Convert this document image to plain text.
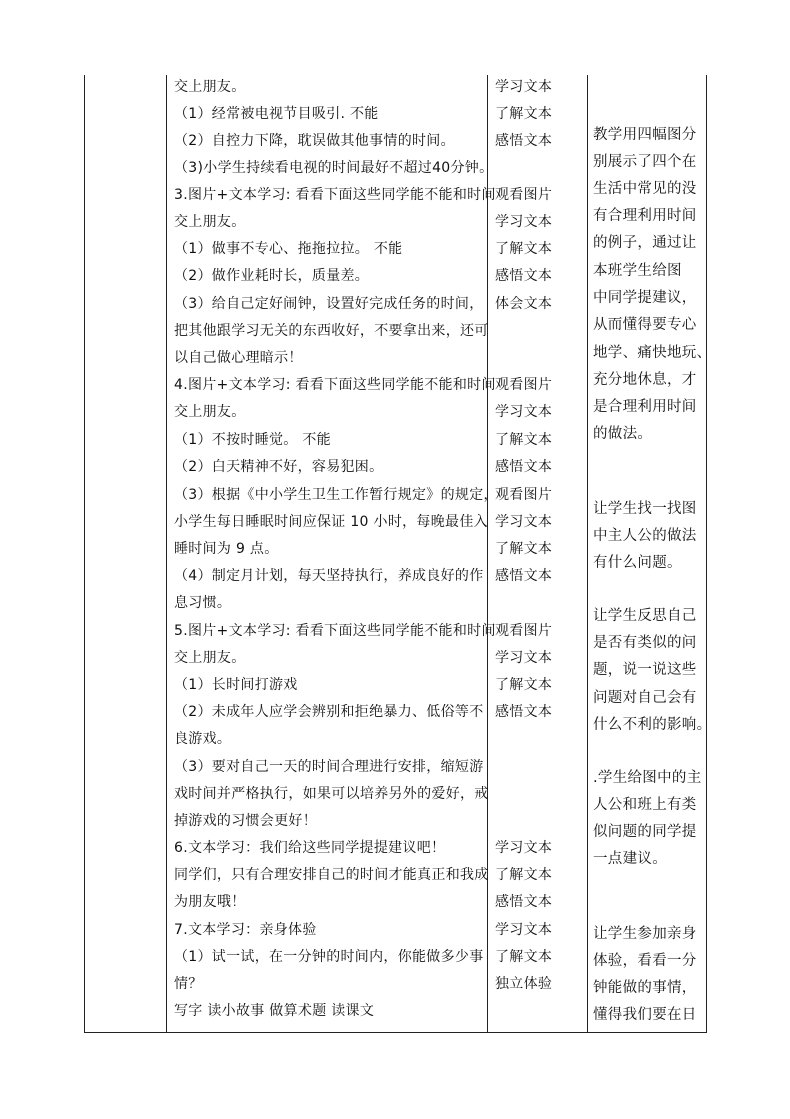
交上朋友。
（1）经常被电视节目吸引. 不能
（2）自控力下降，耽误做其他事情的时间。
（3)小学生持续看电视的时间最好不超过40分钟。
3.图片+文本学习: 看看下面这些同学能不能和时间
交上朋友。
（1）做事不专心、拖拖拉拉。 不能
（2）做作业耗时长，质量差。
（3）给自己定好闹钟，设置好完成任务的时间，
把其他跟学习无关的东西收好，不要拿出来，还可
以自己做心理暗示！
4.图片+文本学习: 看看下面这些同学能不能和时间
交上朋友。
（1）不按时睡觉。 不能
（2）白天精神不好，容易犯困。
（3）根据《中小学生卫生工作暂行规定》的规定，
小学生每日睡眠时间应保证 10 小时，每晚最佳入
睡时间为 9 点。
（4）制定月计划，每天坚持执行，养成良好的作
息习惯。
5.图片+文本学习: 看看下面这些同学能不能和时间
交上朋友。
（1）长时间打游戏
（2）未成年人应学会辨别和拒绝暴力、低俗等不
良游戏。
（3）要对自己一天的时间合理进行安排，缩短游
戏时间并严格执行，如果可以培养另外的爱好，戒
掉游戏的习惯会更好！
6.文本学习：我们给这些同学提提建议吧！
同学们，只有合理安排自己的时间才能真正和我成
为朋友哦！
7.文本学习：亲身体验
（1）试一试，在一分钟的时间内，你能做多少事
情？
写字 读小故事 做算术题 读课文
学习文本
了解文本
感悟文本
观看图片
学习文本
了解文本
感悟文本
体会文本
观看图片
学习文本
了解文本
感悟文本
观看图片
学习文本
了解文本
感悟文本
观看图片
学习文本
了解文本
感悟文本
学习文本
了解文本
感悟文本
学习文本
了解文本
独立体验
教学用四幅图分
别展示了四个在
生活中常见的没
有合理利用时间
的例子，通过让
本班学生给图
中同学提建议，
从而懂得要专心
地学、痛快地玩、
充分地休息，才
是合理利用时间
的做法。
让学生找一找图
中主人公的做法
有什么问题。
让学生反思自己
是否有类似的问
题，说一说这些
问题对自己会有
什么不利的影响。
.学生给图中的主
人公和班上有类
似问题的同学提
一点建议。
让学生参加亲身
体验，看看一分
钟能做的事情，
懂得我们要在日
